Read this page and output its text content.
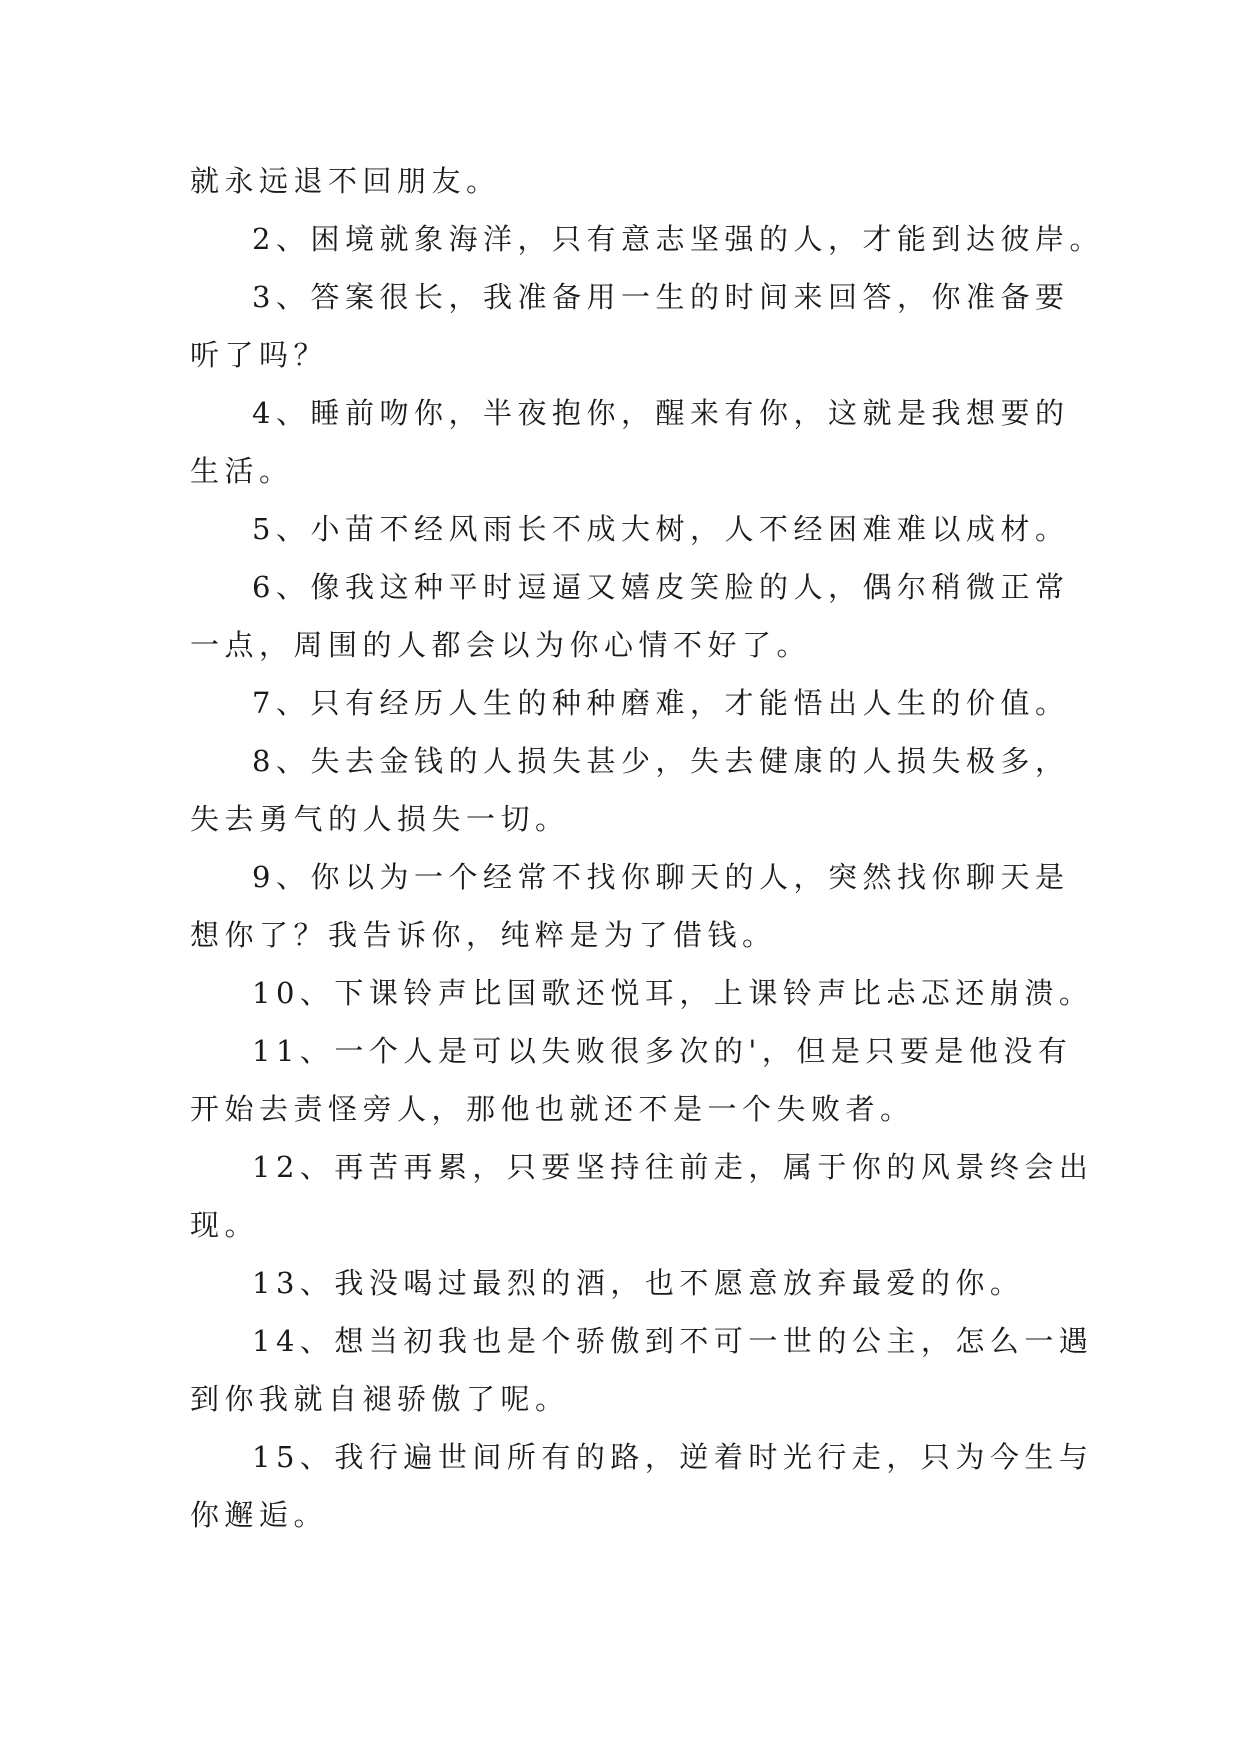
就永远退不回朋友。

2、困境就象海洋，只有意志坚强的人，才能到达彼岸。

3、答案很长，我准备用一生的时间来回答，你准备要
听了吗？

4、睡前吻你，半夜抱你，醒来有你，这就是我想要的
生活。

5、小苗不经风雨长不成大树，人不经困难难以成材。

6、像我这种平时逗逼又嬉皮笑脸的人，偶尔稍微正常
一点，周围的人都会以为你心情不好了。

7、只有经历人生的种种磨难，才能悟出人生的价值。

8、失去金钱的人损失甚少，失去健康的人损失极多，
失去勇气的人损失一切。

9、你以为一个经常不找你聊天的人，突然找你聊天是
想你了？我告诉你，纯粹是为了借钱。

10、下课铃声比国歌还悦耳，上课铃声比忐忑还崩溃。

11、一个人是可以失败很多次的'，但是只要是他没有
开始去责怪旁人，那他也就还不是一个失败者。

12、再苦再累，只要坚持往前走，属于你的风景终会出
现。

13、我没喝过最烈的酒，也不愿意放弃最爱的你。

14、想当初我也是个骄傲到不可一世的公主，怎么一遇
到你我就自褪骄傲了呢。

15、我行遍世间所有的路，逆着时光行走，只为今生与
你邂逅。
